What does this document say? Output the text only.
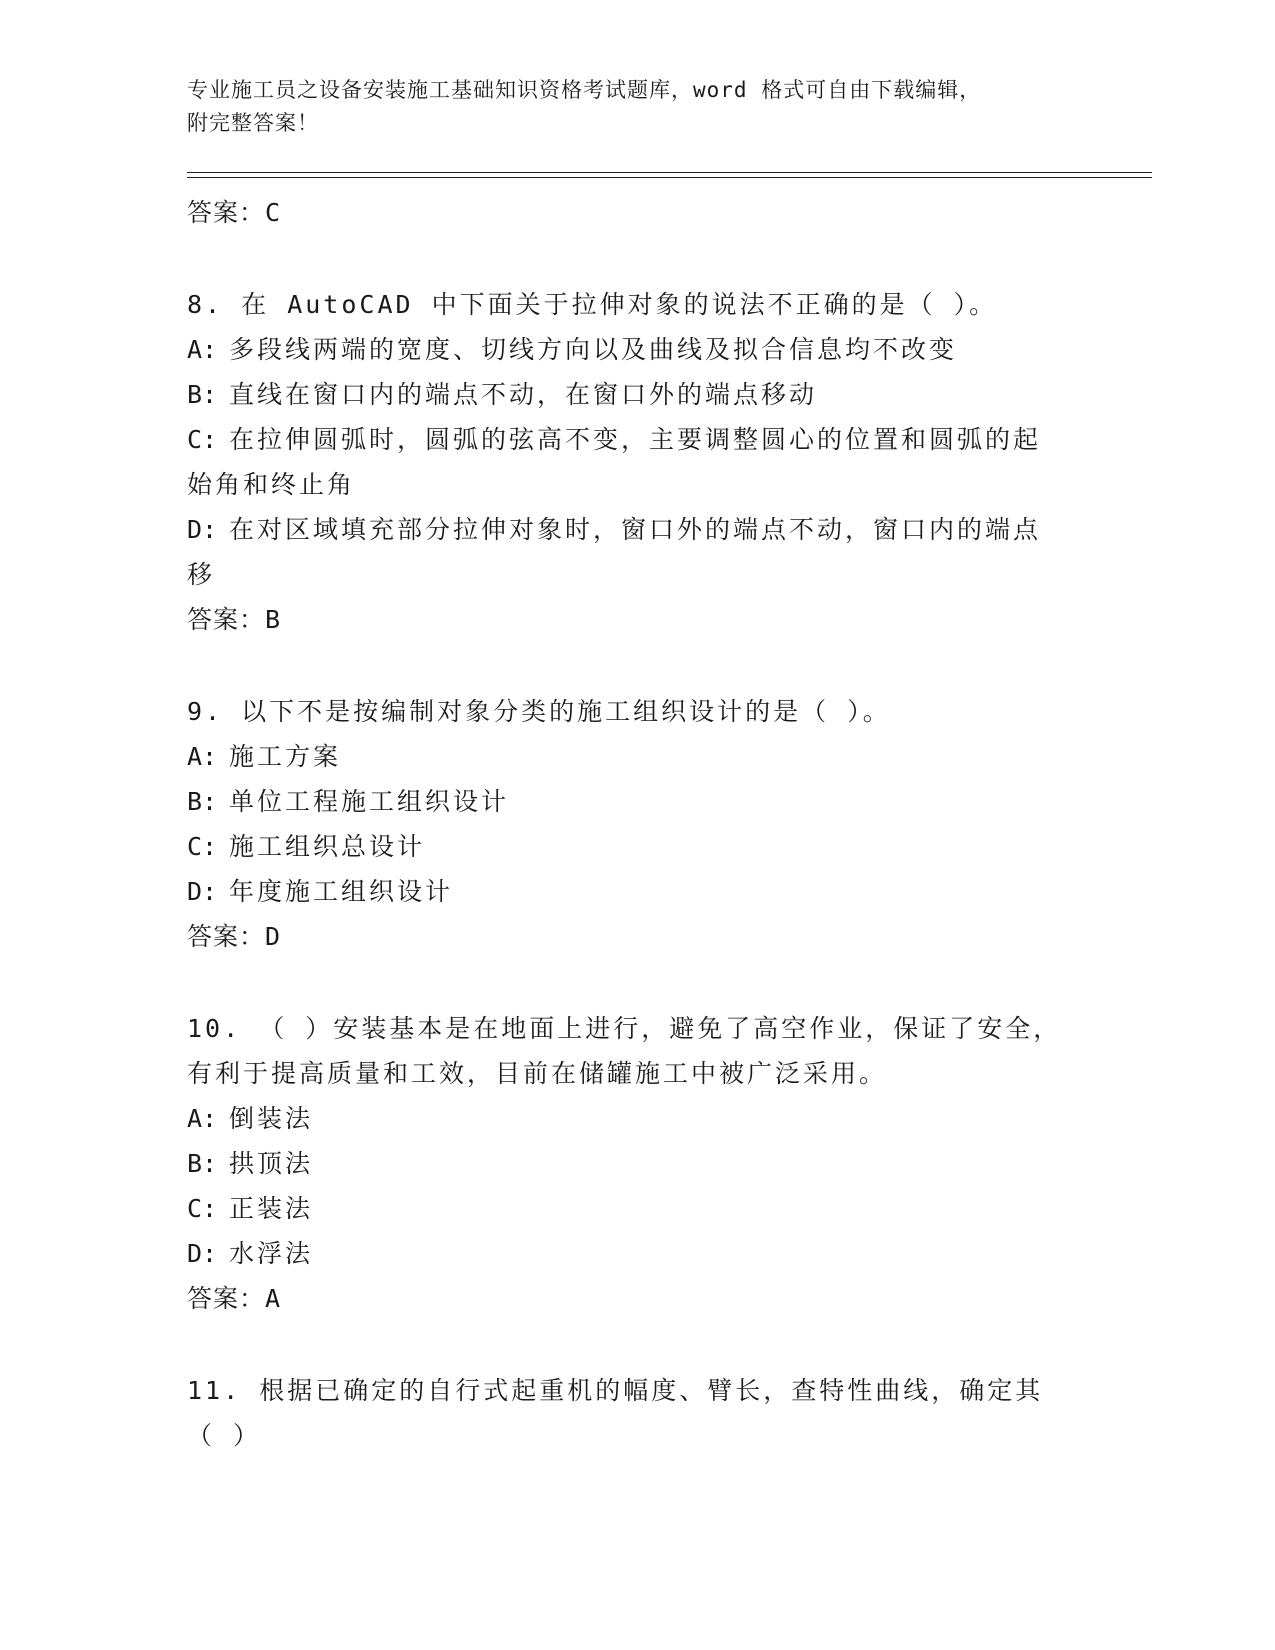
专业施工员之设备安装施工基础知识资格考试题库，word 格式可自由下载编辑，
附完整答案！
答案：C
8. 在 AutoCAD 中下面关于拉伸对象的说法不正确的是（ ）。
A: 多段线两端的宽度、切线方向以及曲线及拟合信息均不改变
B: 直线在窗口内的端点不动，在窗口外的端点移动
C: 在拉伸圆弧时，圆弧的弦高不变，主要调整圆心的位置和圆弧的起始角和终止角
D: 在对区域填充部分拉伸对象时，窗口外的端点不动，窗口内的端点移
答案：B
9. 以下不是按编制对象分类的施工组织设计的是（ ）。
A: 施工方案
B: 单位工程施工组织设计
C: 施工组织总设计
D: 年度施工组织设计
答案：D
10. （ ）安装基本是在地面上进行，避免了高空作业，保证了安全，有利于提高质量和工效，目前在储罐施工中被广泛采用。
A: 倒装法
B: 拱顶法
C: 正装法
D: 水浮法
答案：A
11. 根据已确定的自行式起重机的幅度、臂长，查特性曲线，确定其（ ）
